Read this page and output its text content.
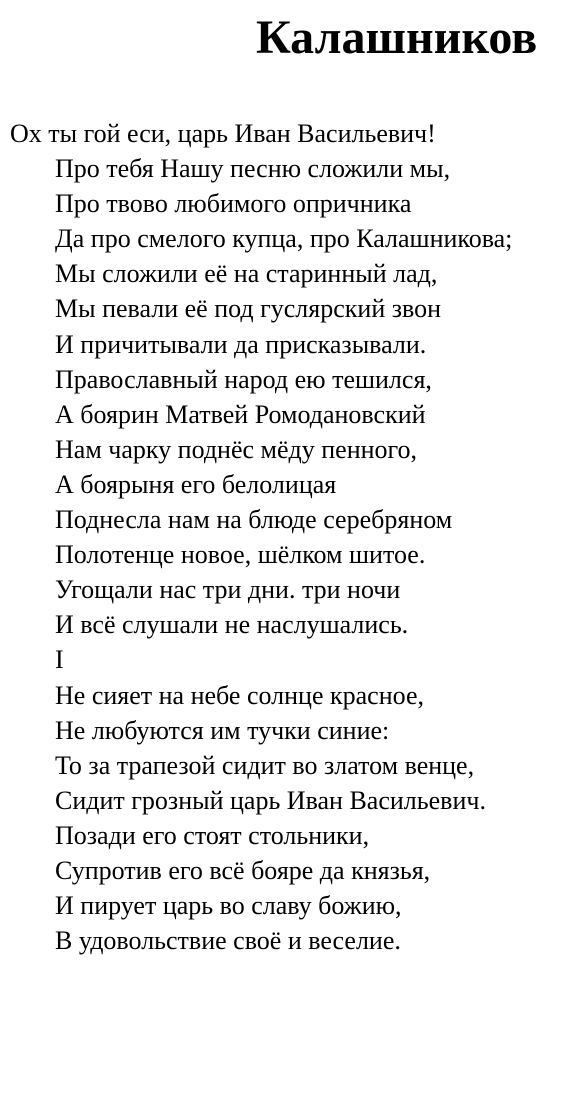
Калашников
Ох ты гой еси, царь Иван Васильевич!
Про тебя Нашу песню сложили мы,
Про твово любимого опричника
Да про смелого купца, про Калашникова;
Мы сложили её на старинный лад,
Мы певали её под гуслярский звон
И причитывали да присказывали.
Православный народ ею тешился,
А боярин Матвей Ромодановский
Нам чарку поднёс мёду пенного,
А боярыня его белолицая
Поднесла нам на блюде серебряном
Полотенце новое, шёлком шитое.
Угощали нас три дни. три ночи
И всё слушали не наслушались.
I
Не сияет на небе солнце красное,
Не любуются им тучки синие:
То за трапезой сидит во златом венце,
Сидит грозный царь Иван Васильевич.
Позади его стоят стольники,
Супротив его всё бояре да князья,
И пирует царь во славу божию,
В удовольствие своё и веселие.
